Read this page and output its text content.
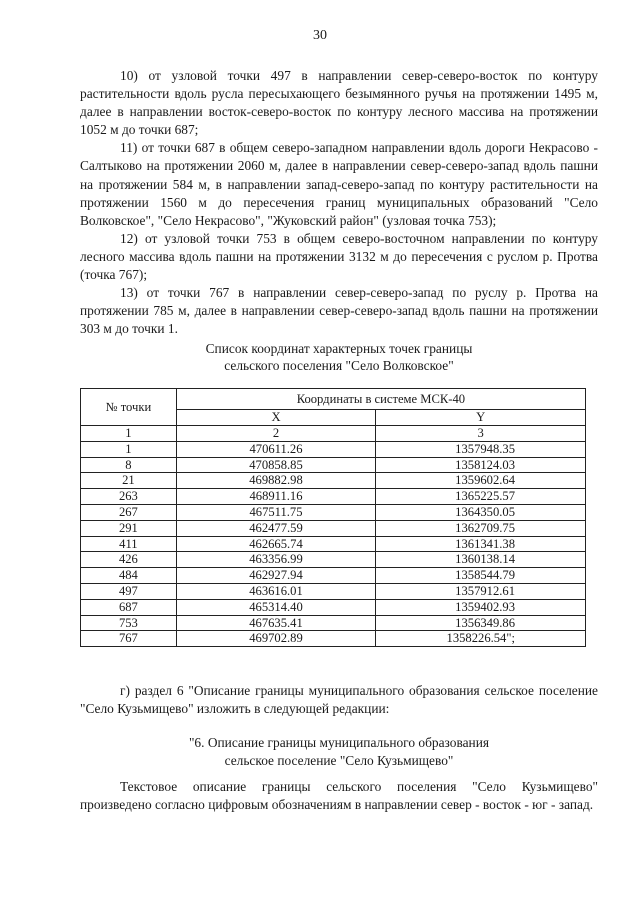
30

10) от узловой точки 497 в направлении север-северо-восток по контуру растительности вдоль русла пересыхающего безымянного ручья на протяжении 1495 м, далее в направлении восток-северо-восток по контуру лесного массива на протяжении 1052 м до точки 687;

11) от точки 687 в общем северо-западном направлении вдоль дороги Некрасово - Салтыково на протяжении 2060 м, далее в направлении север-северо-запад вдоль пашни на протяжении 584 м, в направлении запад-северо-запад по контуру растительности на протяжении 1560 м до пересечения границ муниципальных образований "Село Волковское", "Село Некрасово", "Жуковский район" (узловая точка 753);

12) от узловой точки 753 в общем северо-восточном направлении по контуру лесного массива вдоль пашни на протяжении 3132 м до пересечения с руслом р. Протва (точка 767);

13) от точки 767 в направлении север-северо-запад по руслу р. Протва на протяжении 785 м, далее в направлении север-северо-запад вдоль пашни на протяжении 303 м до точки 1.

Список координат характерных точек границы
сельского поселения "Село Волковское"
№ точки	Координаты в системе МСК-40	
	X	Y
1	2	3
1	470611.26	1357948.35
8	470858.85	1358124.03
21	469882.98	1359602.64
263	468911.16	1365225.57
267	467511.75	1364350.05
291	462477.59	1362709.75
411	462665.74	1361341.38
426	463356.99	1360138.14
484	462927.94	1358544.79
497	463616.01	1357912.61
687	465314.40	1359402.93
753	467635.41	1356349.86
767	469702.89	1358226.54";

г) раздел 6 "Описание границы муниципального образования сельское поселение "Село Кузьмищево" изложить в следующей редакции:

"6. Описание границы муниципального образования
сельское поселение "Село Кузьмищево"

Текстовое описание границы сельского поселения "Село Кузьмищево" произведено согласно цифровым обозначениям в направлении север - восток - юг - запад.
